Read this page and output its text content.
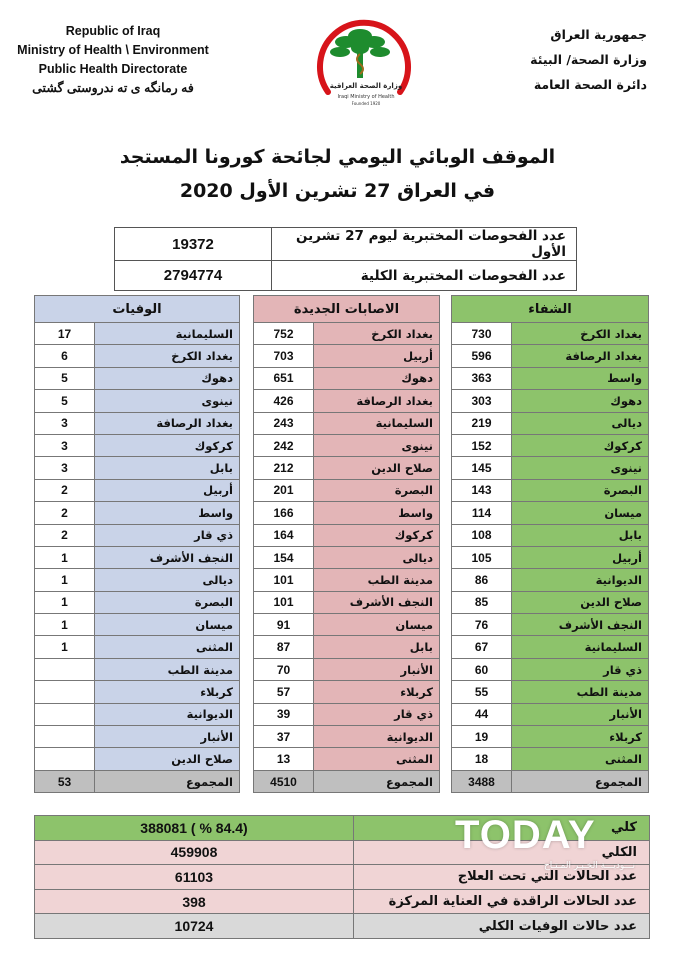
Republic of Iraq
Ministry of Health \ Environment
Public Health Directorate
فه رمانگه ی ته ندروستی گشتی	وزارة الصحة العراقية
Iraqi Ministry of Health
Founded 1920
جمهورية العراق
وزارة الصحة/ البيئة
دائرة الصحة العامة
الموقف الوبائي اليومي لجائحة كورونا المستجد
في العراق 27 تشرين الأول 2020
عدد الفحوصات المختبرية ليوم 27 تشرين الأول	19372
عدد الفحوصات المختبرية الكلية	2794774
الشفاء	
بغداد الكرخ	730
بغداد الرصافة	596
واسط	363
دهوك	303
ديالى	219
كركوك	152
نينوى	145
البصرة	143
ميسان	114
بابل	108
أربيل	105
الديوانية	86
صلاح الدين	85
النجف الأشرف	76
السليمانية	67
ذي قار	60
مدينة الطب	55
الأنبار	44
كربلاء	19
المثنى	18
المجموع	3488
الاصابات الجديدة	
بغداد الكرخ	752
أربيل	703
دهوك	651
بغداد الرصافة	426
السليمانية	243
نينوى	242
صلاح الدين	212
البصرة	201
واسط	166
كركوك	164
ديالى	154
مدينة الطب	101
النجف الأشرف	101
ميسان	91
بابل	87
الأنبار	70
كربلاء	57
ذي قار	39
الديوانية	37
المثنى	13
المجموع	4510
الوفيات	
السليمانية	17
بغداد الكرخ	6
دهوك	5
نينوى	5
بغداد الرصافة	3
كركوك	3
بابل	3
أربيل	2
واسط	2
ذي قار	2
النجف الأشرف	1
ديالى	1
البصرة	1
ميسان	1
المثنى	1
مدينة الطب	
كربلاء	
الديوانية	
الأنبار	
صلاح الدين	
المجموع	53
كلي	(84.4 % ) 388081
الكلي	459908
عدد الحالات التي تحت العلاج	61103
عدد الحالات الراقدة في العناية المركزة	398
عدد حالات الوفيات الكلي	10724
TODAY
نـــوديـــة الخـبـر المـتـاح
